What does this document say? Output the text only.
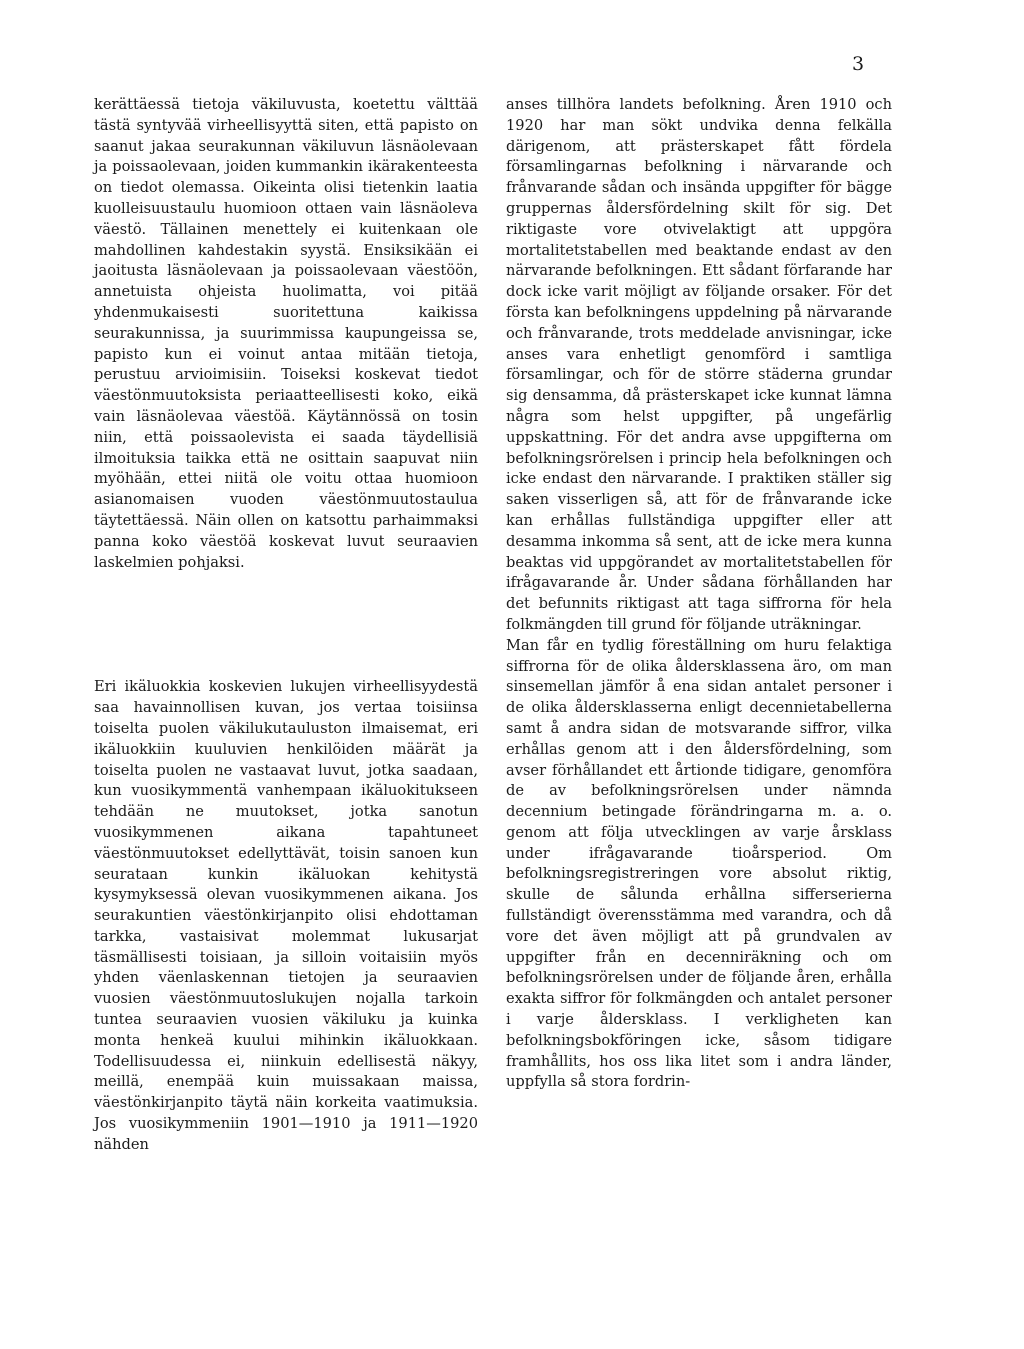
3

kerättäessä tietoja väkiluvusta, koetettu välttää tästä syntyvää virheellisyyttä siten, että papisto on saanut jakaa seurakunnan väkiluvun läsnäolevaan ja poissaolevaan, joiden kummankin ikärakenteesta on tiedot olemassa. Oikeinta olisi tietenkin laatia kuolleisuustaulu huomioon ottaen vain läsnäoleva väestö. Tällainen menettely ei kuitenkaan ole mahdollinen kahdestakin syystä. Ensiksikään ei jaoitusta läsnäolevaan ja poissaolevaan väestöön, annetuista ohjeista huolimatta, voi pitää yhdenmukaisesti suoritettuna kaikissa seurakunnissa, ja suurimmissa kaupungeissa se, papisto kun ei voinut antaa mitään tietoja, perustuu arvioimisiin. Toiseksi koskevat tiedot väestönmuutoksista periaatteellisesti koko, eikä vain läsnäolevaa väestöä. Käytännössä on tosin niin, että poissaolevista ei saada täydellisiä ilmoituksia taikka että ne osittain saapuvat niin myöhään, ettei niitä ole voitu ottaa huomioon asianomaisen vuoden väestönmuutostaulua täytettäessä. Näin ollen on katsottu parhaimmaksi panna koko väestöä koskevat luvut seuraavien laskelmien pohjaksi.

Eri ikäluokkia koskevien lukujen virheellisyydestä saa havainnollisen kuvan, jos vertaa toisiinsa toiselta puolen väkilukutauluston ilmaisemat, eri ikäluokkiin kuuluvien henkilöiden määrät ja toiselta puolen ne vastaavat luvut, jotka saadaan, kun vuosikymmentä vanhempaan ikäluokitukseen tehdään ne muutokset, jotka sanotun vuosikymmenen aikana tapahtuneet väestönmuutokset edellyttävät, toisin sanoen kun seurataan kunkin ikäluokan kehitystä kysymyksessä olevan vuosikymmenen aikana. Jos seurakuntien väestönkirjanpito olisi ehdottaman tarkka, vastaisivat molemmat lukusarjat täsmällisesti toisiaan, ja silloin voitaisiin myös yhden väenlaskennan tietojen ja seuraavien vuosien väestönmuutoslukujen nojalla tarkoin tuntea seuraavien vuosien väkiluku ja kuinka monta henkeä kuului mihinkin ikäluokkaan. Todellisuudessa ei, niinkuin edellisestä näkyy, meillä, enempää kuin muissakaan maissa, väestönkirjanpito täytä näin korkeita vaatimuksia. Jos vuosikymmeniin 1901—1910 ja 1911—1920 nähden

anses tillhöra landets befolkning. Åren 1910 och 1920 har man sökt undvika denna felkälla därigenom, att prästerskapet fått fördela församlingarnas befolkning i närvarande och frånvarande sådan och insända uppgifter för bägge gruppernas åldersfördelning skilt för sig. Det riktigaste vore otvivelaktigt att uppgöra mortalitetstabellen med beaktande endast av den närvarande befolkningen. Ett sådant förfarande har dock icke varit möjligt av följande orsaker. För det första kan befolkningens uppdelning på närvarande och frånvarande, trots meddelade anvisningar, icke anses vara enhetligt genomförd i samtliga församlingar, och för de större städerna grundar sig densamma, då prästerskapet icke kunnat lämna några som helst uppgifter, på ungefärlig uppskattning. För det andra avse uppgifterna om befolkningsrörelsen i princip hela befolkningen och icke endast den närvarande. I praktiken ställer sig saken visserligen så, att för de frånvarande icke kan erhållas fullständiga uppgifter eller att desamma inkomma så sent, att de icke mera kunna beaktas vid uppgörandet av mortalitetstabellen för ifrågavarande år. Under sådana förhållanden har det befunnits riktigast att taga siffrorna för hela folkmängden till grund för följande uträkningar.

Man får en tydlig föreställning om huru felaktiga siffrorna för de olika åldersklassena äro, om man sinsemellan jämför å ena sidan antalet personer i de olika åldersklasserna enligt decennietabellerna samt å andra sidan de motsvarande siffror, vilka erhållas genom att i den åldersfördelning, som avser förhållandet ett årtionde tidigare, genomföra de av befolkningsrörelsen under nämnda decennium betingade förändringarna m. a. o. genom att följa utvecklingen av varje årsklass under ifrågavarande tioårsperiod. Om befolkningsregistreringen vore absolut riktig, skulle de sålunda erhållna sifferserierna fullständigt överensstämma med varandra, och då vore det även möjligt att på grundvalen av uppgifter från en decenniräkning och om befolkningsrörelsen under de följande åren, erhålla exakta siffror för folkmängden och antalet personer i varje åldersklass. I verkligheten kan befolkningsbokföringen icke, såsom tidigare framhållits, hos oss lika litet som i andra länder, uppfylla så stora fordrin-
